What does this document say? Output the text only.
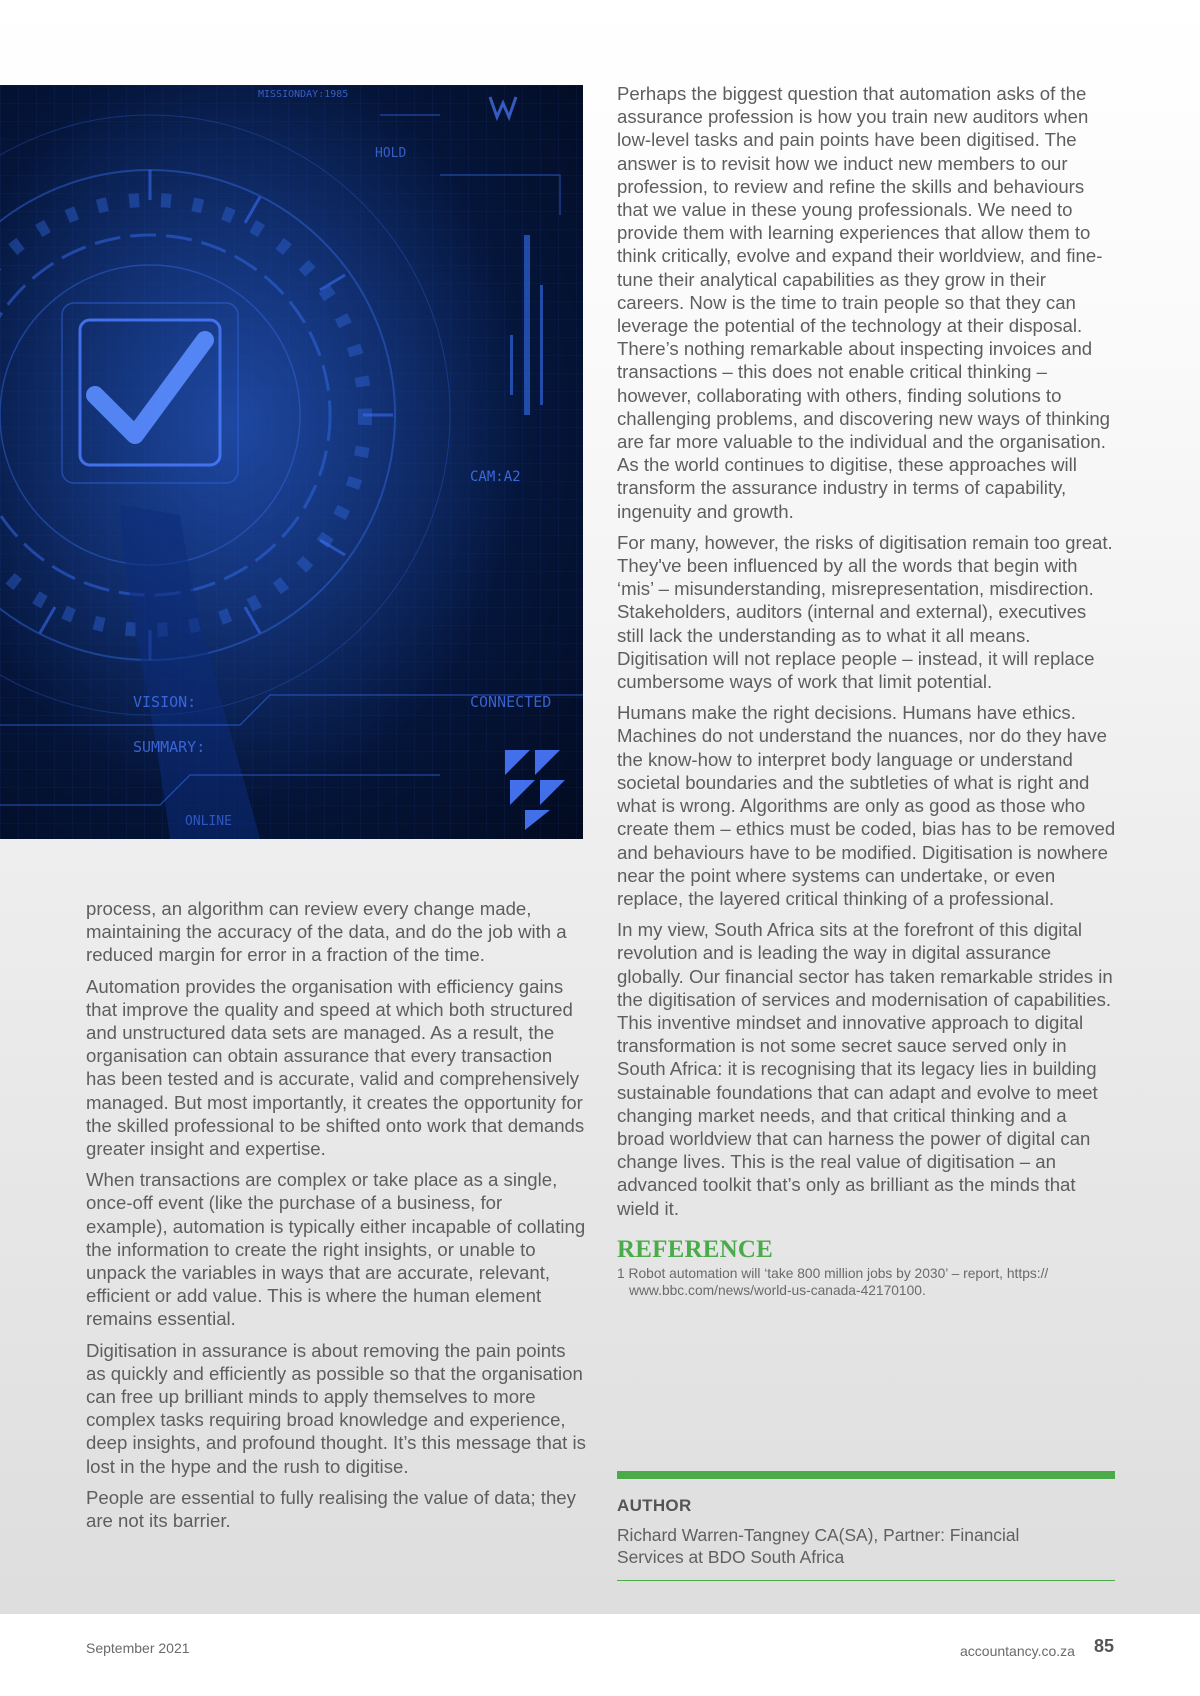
MISSIONDAY:1985
HOLD
CAM:A2
VISION:	CONNECTED
SUMMARY:
ONLINE

process, an algorithm can review every change made, maintaining the accuracy of the data, and do the job with a reduced margin for error in a fraction of the time.

Automation provides the organisation with efficiency gains that improve the quality and speed at which both structured and unstructured data sets are managed. As a result, the organisation can obtain assurance that every transaction has been tested and is accurate, valid and comprehensively managed. But most importantly, it creates the opportunity for the skilled professional to be shifted onto work that demands greater insight and expertise.

When transactions are complex or take place as a single, once-off event (like the purchase of a business, for example), automation is typically either incapable of collating the information to create the right insights, or unable to unpack the variables in ways that are accurate, relevant, efficient or add value. This is where the human element remains essential.

Digitisation in assurance is about removing the pain points as quickly and efficiently as possible so that the organisation can free up brilliant minds to apply themselves to more complex tasks requiring broad knowledge and experience, deep insights, and profound thought. It’s this message that is lost in the hype and the rush to digitise.

People are essential to fully realising the value of data; they are not its barrier.

Perhaps the biggest question that automation asks of the assurance profession is how you train new auditors when low-level tasks and pain points have been digitised. The answer is to revisit how we induct new members to our profession, to review and refine the skills and behaviours that we value in these young professionals. We need to provide them with learning experiences that allow them to think critically, evolve and expand their worldview, and fine-tune their analytical capabilities as they grow in their careers. Now is the time to train people so that they can leverage the potential of the technology at their disposal. There’s nothing remarkable about inspecting invoices and transactions – this does not enable critical thinking – however, collaborating with others, finding solutions to challenging problems, and discovering new ways of thinking are far more valuable to the individual and the organisation. As the world continues to digitise, these approaches will transform the assurance industry in terms of capability, ingenuity and growth.

For many, however, the risks of digitisation remain too great. They've been influenced by all the words that begin with ‘mis’ – misunderstanding, misrepresentation, misdirection. Stakeholders, auditors (internal and external), executives still lack the understanding as to what it all means. Digitisation will not replace people – instead, it will replace cumbersome ways of work that limit potential.

Humans make the right decisions. Humans have ethics. Machines do not understand the nuances, nor do they have the know-how to interpret body language or understand societal boundaries and the subtleties of what is right and what is wrong. Algorithms are only as good as those who create them – ethics must be coded, bias has to be removed and behaviours have to be modified. Digitisation is nowhere near the point where systems can undertake, or even replace, the layered critical thinking of a professional.

In my view, South Africa sits at the forefront of this digital revolution and is leading the way in digital assurance globally. Our financial sector has taken remarkable strides in the digitisation of services and modernisation of capabilities. This inventive mindset and innovative approach to digital transformation is not some secret sauce served only in South Africa: it is recognising that its legacy lies in building sustainable foundations that can adapt and evolve to meet changing market needs, and that critical thinking and a broad worldview that can harness the power of digital can change lives. This is the real value of digitisation – an advanced toolkit that’s only as brilliant as the minds that wield it.

REFERENCE
1 Robot automation will ‘take 800 million jobs by 2030’ – report, https:// www.bbc.com/news/world-us-canada-42170100.
AUTHOR
Richard Warren-Tangney CA(SA), Partner: Financial Services at BDO South Africa
September 2021	accountancy.co.za 85
